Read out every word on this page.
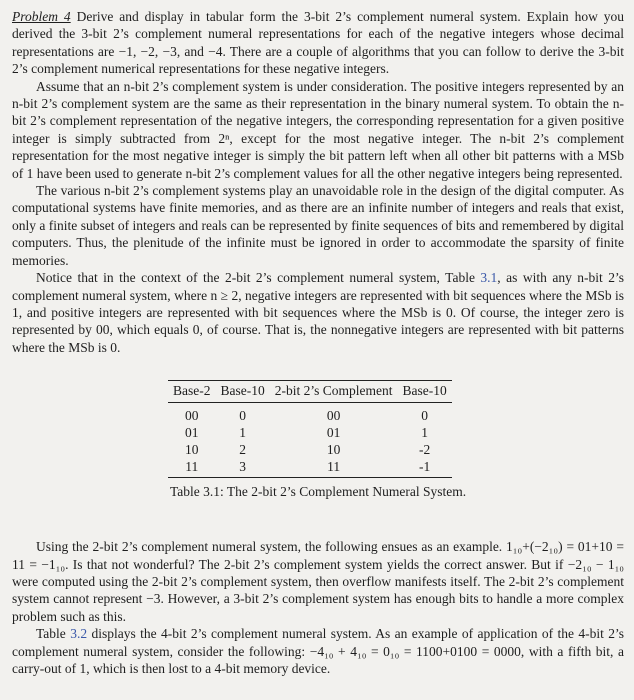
Problem 4 Derive and display in tabular form the 3-bit 2’s complement numeral system. Explain how you derived the 3-bit 2’s complement numeral representations for each of the negative integers whose decimal representations are −1, −2, −3, and −4. There are a couple of algorithms that you can follow to derive the 3-bit 2’s complement numerical representations for these negative integers.

Assume that an n-bit 2’s complement system is under consideration. The positive integers represented by an n-bit 2’s complement system are the same as their representation in the binary numeral system. To obtain the n-bit 2’s complement representation of the negative integers, the corresponding representation for a given positive integer is simply subtracted from 2ⁿ, except for the most negative integer. The n-bit 2’s complement representation for the most negative integer is simply the bit pattern left when all other bit patterns with a MSb of 1 have been used to generate n-bit 2’s complement values for all the other negative integers being represented.

The various n-bit 2’s complement systems play an unavoidable role in the design of the digital computer. As computational systems have finite memories, and as there are an infinite number of integers and reals that exist, only a finite subset of integers and reals can be represented by finite sequences of bits and remembered by digital computers. Thus, the plenitude of the infinite must be ignored in order to accommodate the sparsity of finite memories.

Notice that in the context of the 2-bit 2’s complement numeral system, Table 3.1, as with any n-bit 2’s complement numeral system, where n ≥ 2, negative integers are represented with bit sequences where the MSb is 1, and positive integers are represented with bit sequences where the MSb is 0. Of course, the integer zero is represented by 00, which equals 0, of course. That is, the nonnegative integers are represented with bit patterns where the MSb is 0.

Base-2	Base-10	2-bit 2’s Complement	Base-10
00	0	00	0
01	1	01	1
10	2	10	-2
11	3	11	-1
Table 3.1: The 2-bit 2’s Complement Numeral System.

Using the 2-bit 2’s complement numeral system, the following ensues as an example. 1₁₀+(−2₁₀) = 01+10 = 11 = −1₁₀. Is that not wonderful? The 2-bit 2’s complement system yields the correct answer. But if −2₁₀ − 1₁₀ were computed using the 2-bit 2’s complement system, then overflow manifests itself. The 2-bit 2’s complement system cannot represent −3. However, a 3-bit 2’s complement system has enough bits to handle a more complex problem such as this.

Table 3.2 displays the 4-bit 2’s complement numeral system. As an example of application of the 4-bit 2’s complement numeral system, consider the following: −4₁₀ + 4₁₀ = 0₁₀ = 1100+0100 = 0000, with a fifth bit, a carry-out of 1, which is then lost to a 4-bit memory device.
